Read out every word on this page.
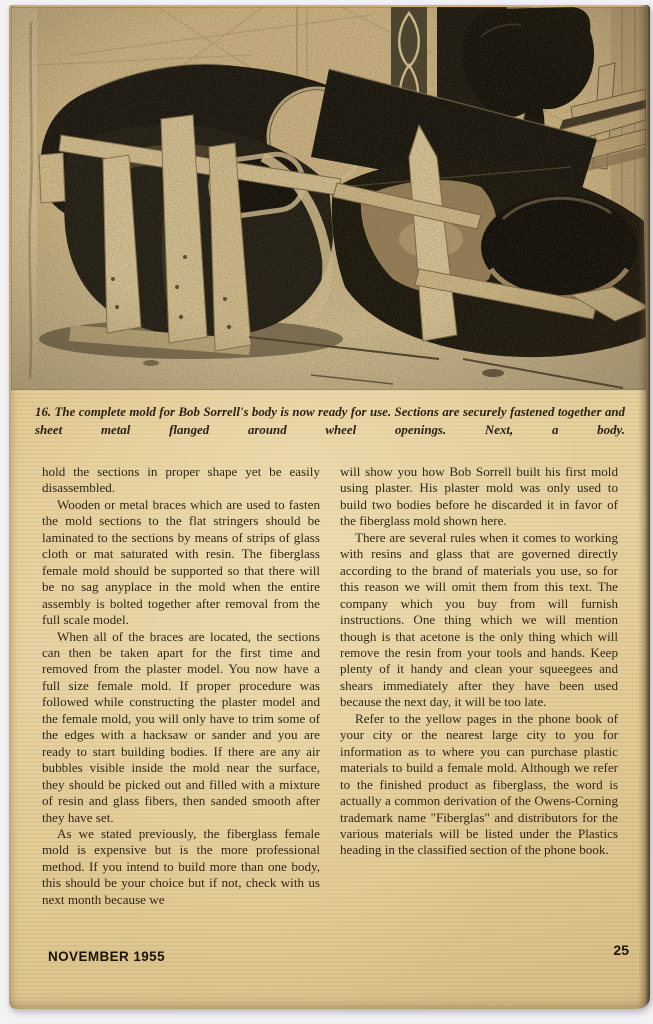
16. The complete mold for Bob Sorrell's body is now ready for use. Sections are securely fastened together and sheet metal flanged around wheel openings. Next, a body.

hold the sections in proper shape yet be easily disassembled.

Wooden or metal braces which are used to fasten the mold sections to the flat stringers should be laminated to the sections by means of strips of glass cloth or mat saturated with resin. The fiberglass female mold should be supported so that there will be no sag anyplace in the mold when the entire assembly is bolted together after removal from the full scale model.

When all of the braces are located, the sections can then be taken apart for the first time and removed from the plaster model. You now have a full size female mold. If proper procedure was followed while constructing the plaster model and the female mold, you will only have to trim some of the edges with a hacksaw or sander and you are ready to start building bodies. If there are any air bubbles visible inside the mold near the surface, they should be picked out and filled with a mixture of resin and glass fibers, then sanded smooth after they have set.

As we stated previously, the fiberglass female mold is expensive but is the more professional method. If you intend to build more than one body, this should be your choice but if not, check with us next month because we

will show you how Bob Sorrell built his first mold using plaster. His plaster mold was only used to build two bodies before he discarded it in favor of the fiberglass mold shown here.

There are several rules when it comes to working with resins and glass that are governed directly according to the brand of materials you use, so for this reason we will omit them from this text. The company which you buy from will furnish instructions. One thing which we will mention though is that acetone is the only thing which will remove the resin from your tools and hands. Keep plenty of it handy and clean your squeegees and shears immediately after they have been used because the next day, it will be too late.

Refer to the yellow pages in the phone book of your city or the nearest large city to you for information as to where you can purchase plastic materials to build a female mold. Although we refer to the finished product as fiberglass, the word is actually a common derivation of the Owens-Corning trademark name "Fiberglas" and distributors for the various materials will be listed under the Plastics heading in the classified section of the phone book.

NOVEMBER 1955	25
